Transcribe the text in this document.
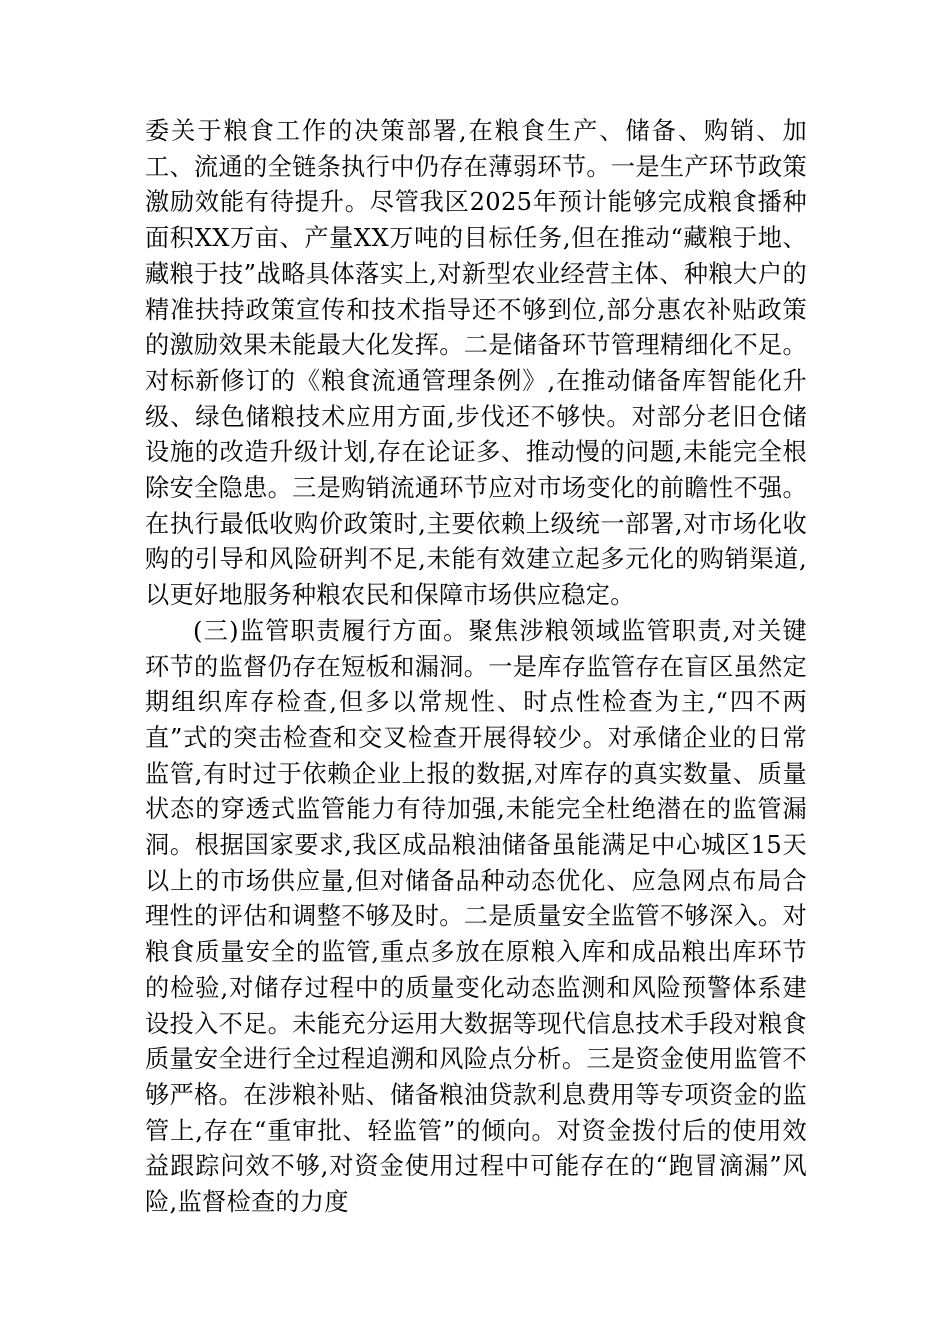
委关于粮食工作的决策部署,在粮食生产、储备、购销、加工、流通的全链条执行中仍存在薄弱环节。一是生产环节政策激励效能有待提升。尽管我区2025年预计能够完成粮食播种面积XX万亩、产量XX万吨的目标任务,但在推动“藏粮于地、藏粮于技”战略具体落实上,对新型农业经营主体、种粮大户的精准扶持政策宣传和技术指导还不够到位,部分惠农补贴政策的激励效果未能最大化发挥。二是储备环节管理精细化不足。对标新修订的《粮食流通管理条例》,在推动储备库智能化升级、绿色储粮技术应用方面,步伐还不够快。对部分老旧仓储设施的改造升级计划,存在论证多、推动慢的问题,未能完全根除安全隐患。三是购销流通环节应对市场变化的前瞻性不强。在执行最低收购价政策时,主要依赖上级统一部署,对市场化收购的引导和风险研判不足,未能有效建立起多元化的购销渠道,以更好地服务种粮农民和保障市场供应稳定。

(三)监管职责履行方面。聚焦涉粮领域监管职责,对关键环节的监督仍存在短板和漏洞。一是库存监管存在盲区虽然定期组织库存检查,但多以常规性、时点性检查为主,“四不两直”式的突击检查和交叉检查开展得较少。对承储企业的日常监管,有时过于依赖企业上报的数据,对库存的真实数量、质量状态的穿透式监管能力有待加强,未能完全杜绝潜在的监管漏洞。根据国家要求,我区成品粮油储备虽能满足中心城区15天以上的市场供应量,但对储备品种动态优化、应急网点布局合理性的评估和调整不够及时。二是质量安全监管不够深入。对粮食质量安全的监管,重点多放在原粮入库和成品粮出库环节的检验,对储存过程中的质量变化动态监测和风险预警体系建设投入不足。未能充分运用大数据等现代信息技术手段对粮食质量安全进行全过程追溯和风险点分析。三是资金使用监管不够严格。在涉粮补贴、储备粮油贷款利息费用等专项资金的监管上,存在“重审批、轻监管”的倾向。对资金拨付后的使用效益跟踪问效不够,对资金使用过程中可能存在的“跑冒滴漏”风险,监督检查的力度
